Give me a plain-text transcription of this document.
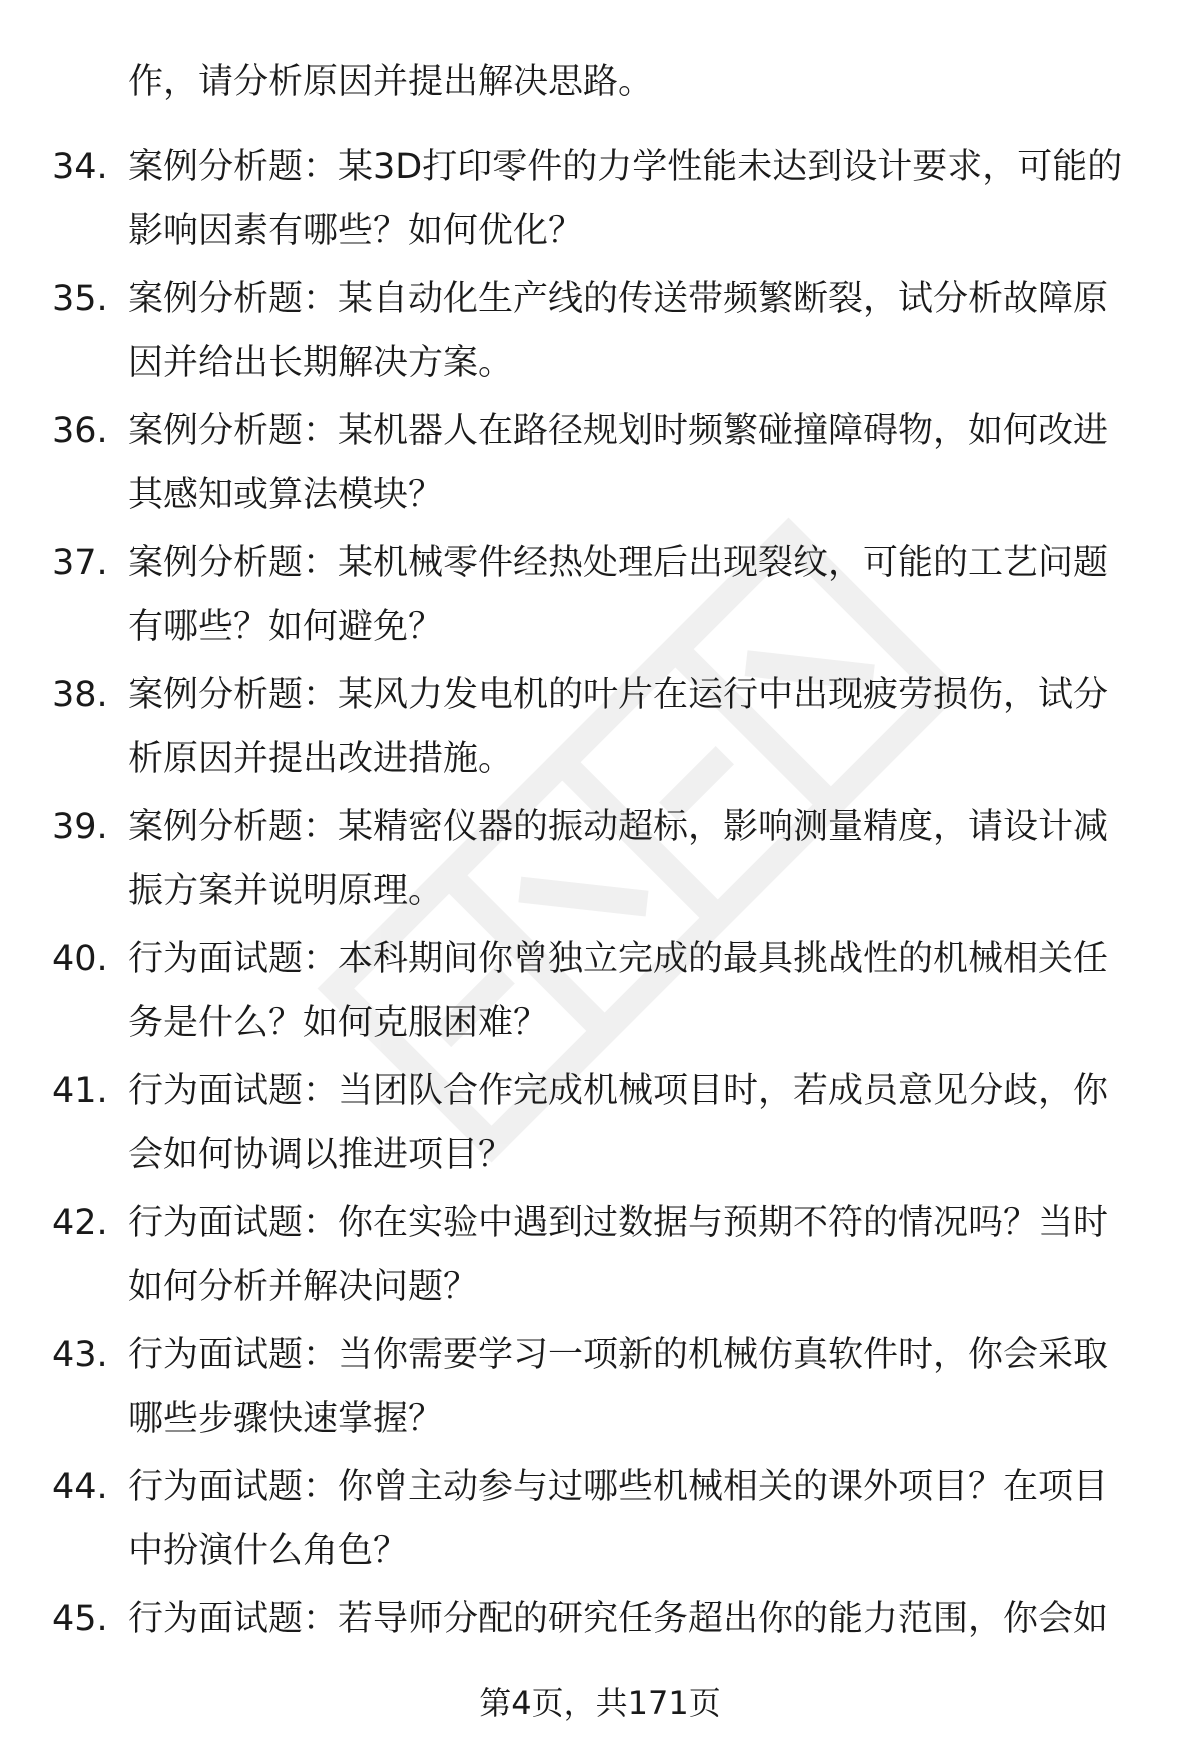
作，请分析原因并提出解决思路。
34. 案例分析题：某3D打印零件的力学性能未达到设计要求，可能的
影响因素有哪些？如何优化？
35. 案例分析题：某自动化生产线的传送带频繁断裂，试分析故障原
因并给出长期解决方案。
36. 案例分析题：某机器人在路径规划时频繁碰撞障碍物，如何改进
其感知或算法模块？
37. 案例分析题：某机械零件经热处理后出现裂纹，可能的工艺问题
有哪些？如何避免？
38. 案例分析题：某风力发电机的叶片在运行中出现疲劳损伤，试分
析原因并提出改进措施。
39. 案例分析题：某精密仪器的振动超标，影响测量精度，请设计减
振方案并说明原理。
40. 行为面试题：本科期间你曾独立完成的最具挑战性的机械相关任
务是什么？如何克服困难？
41. 行为面试题：当团队合作完成机械项目时，若成员意见分歧，你
会如何协调以推进项目？
42. 行为面试题：你在实验中遇到过数据与预期不符的情况吗？当时
如何分析并解决问题？
43. 行为面试题：当你需要学习一项新的机械仿真软件时，你会采取
哪些步骤快速掌握？
44. 行为面试题：你曾主动参与过哪些机械相关的课外项目？在项目
中扮演什么角色？
45. 行为面试题：若导师分配的研究任务超出你的能力范围，你会如
第4页，共171页
